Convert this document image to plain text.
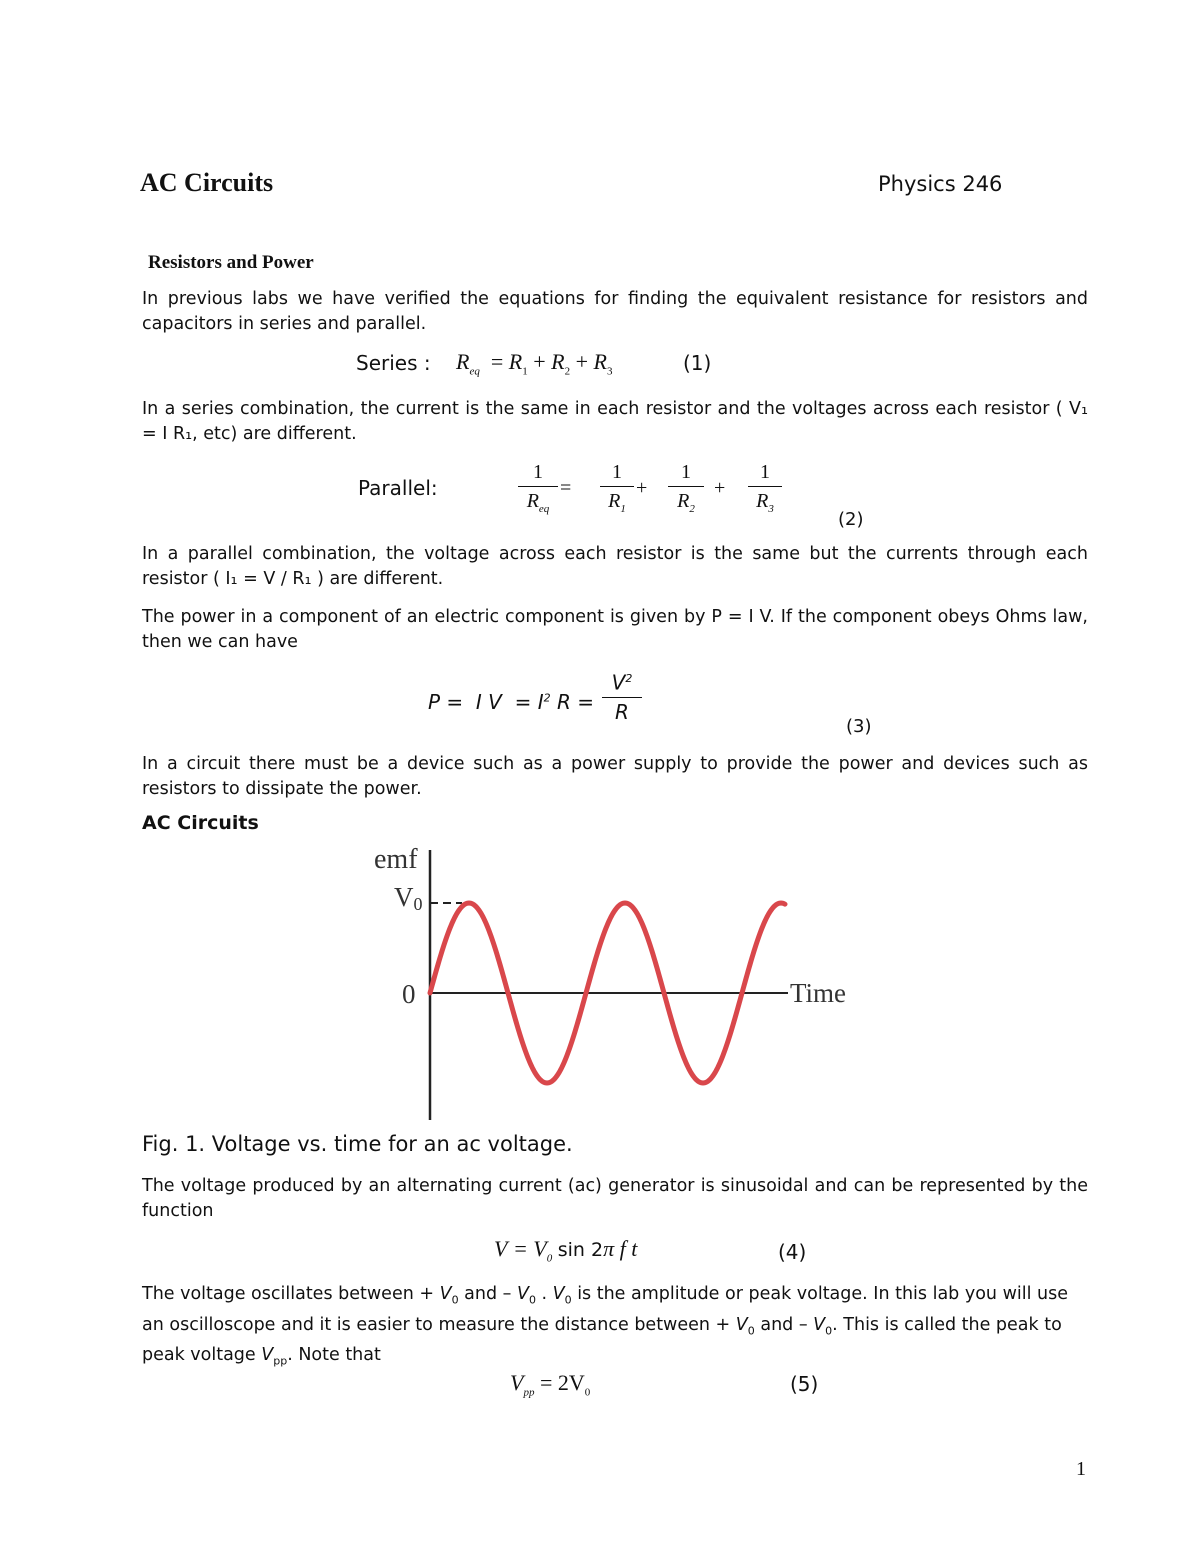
AC Circuits	Physics 246
Resistors and Power
In previous labs we have verified the equations for finding the equivalent resistance for resistors and capacitors in series and parallel.
Series : $R_{eq} = R_1 + R_2 + R_3$	(1)
In a series combination, the current is the same in each resistor and the voltages across each resistor ( V₁ = I R₁, etc) are different.
Parallel:
1
$R_{eq}$
=
1
$R_1$
+
1
$R_2$
+
1
$R_3$	(2)
In a parallel combination, the voltage across each resistor is the same but the currents through each resistor ( I₁ = V / R₁ ) are different.
The power in a component of an electric component is given by P = I V. If the component obeys Ohms law, then we can have
P =  I $V = I^2$ R =
$V^2$
R
(3)
In a circuit there must be a device such as a power supply to provide the power and devices such as resistors to dissipate the power.
AC Circuits
emf
V0
0	Time
Fig. 1. Voltage vs. time for an ac voltage.
The voltage produced by an alternating current (ac) generator is sinusoidal and can be represented by the function
$V = V_0$ sin 2π f t	(4)
The voltage oscillates between + $V_0$ and – $V_0$ . $V_0$ is the amplitude or peak voltage. In this lab you will use an oscilloscope and it is easier to measure the distance between + $V_0$ and – $V_0$. This is called the peak to peak voltage $V_{pp}$. Note that
$V_{pp} = 2V_0$	(5)
1
